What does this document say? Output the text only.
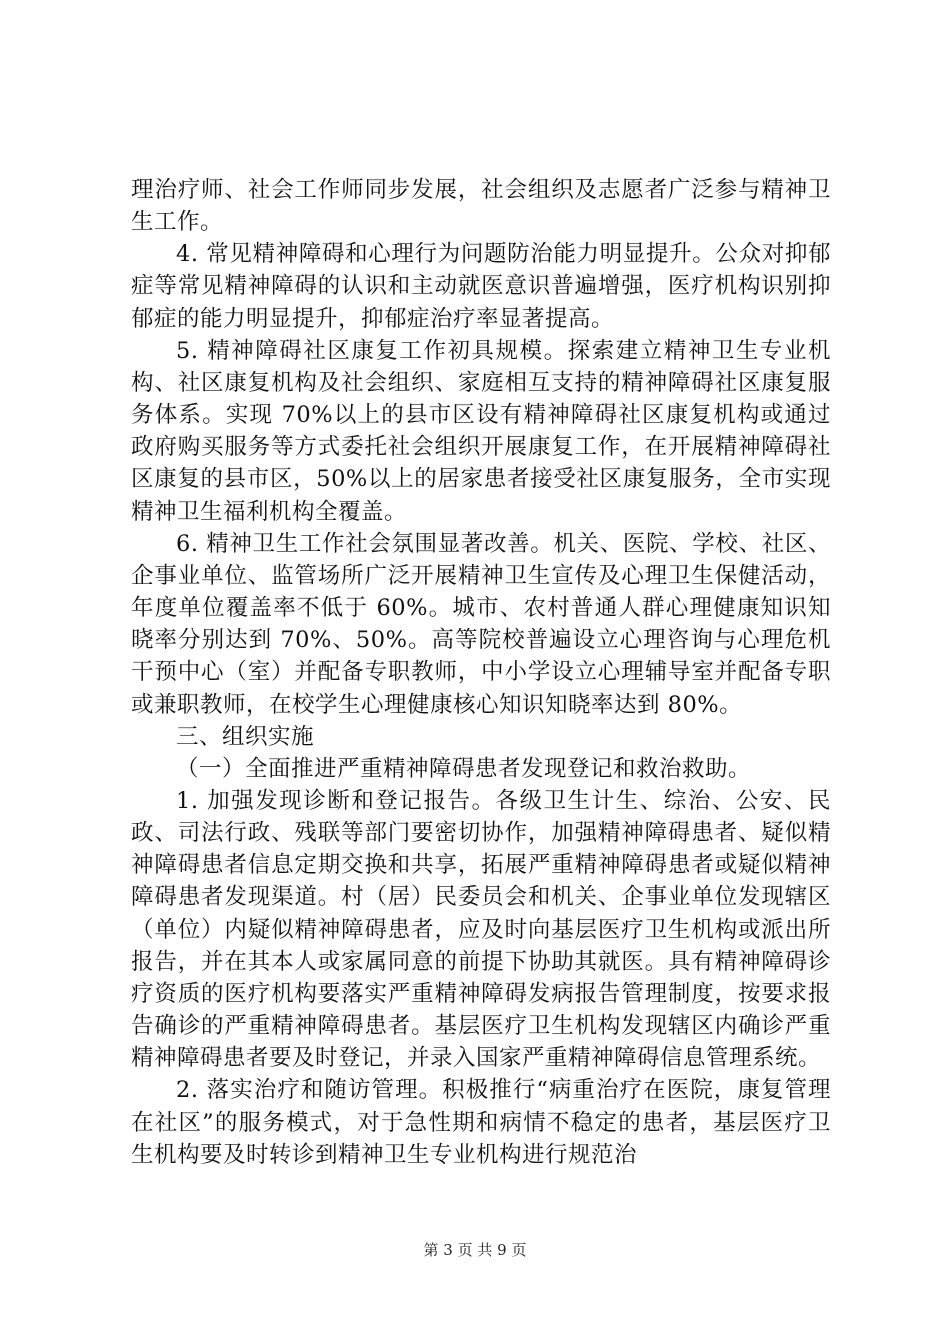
理治疗师、社会工作师同步发展，社会组织及志愿者广泛参与精神卫生工作。

4. 常见精神障碍和心理行为问题防治能力明显提升。公众对抑郁症等常见精神障碍的认识和主动就医意识普遍增强，医疗机构识别抑郁症的能力明显提升，抑郁症治疗率显著提高。

5. 精神障碍社区康复工作初具规模。探索建立精神卫生专业机构、社区康复机构及社会组织、家庭相互支持的精神障碍社区康复服务体系。实现 70%以上的县市区设有精神障碍社区康复机构或通过政府购买服务等方式委托社会组织开展康复工作，在开展精神障碍社区康复的县市区，50%以上的居家患者接受社区康复服务，全市实现精神卫生福利机构全覆盖。

6. 精神卫生工作社会氛围显著改善。机关、医院、学校、社区、企事业单位、监管场所广泛开展精神卫生宣传及心理卫生保健活动，年度单位覆盖率不低于 60%。城市、农村普通人群心理健康知识知晓率分别达到 70%、50%。高等院校普遍设立心理咨询与心理危机干预中心（室）并配备专职教师，中小学设立心理辅导室并配备专职或兼职教师，在校学生心理健康核心知识知晓率达到 80%。

三、组织实施

（一）全面推进严重精神障碍患者发现登记和救治救助。

1. 加强发现诊断和登记报告。各级卫生计生、综治、公安、民政、司法行政、残联等部门要密切协作，加强精神障碍患者、疑似精神障碍患者信息定期交换和共享，拓展严重精神障碍患者或疑似精神障碍患者发现渠道。村（居）民委员会和机关、企事业单位发现辖区（单位）内疑似精神障碍患者，应及时向基层医疗卫生机构或派出所报告，并在其本人或家属同意的前提下协助其就医。具有精神障碍诊疗资质的医疗机构要落实严重精神障碍发病报告管理制度，按要求报告确诊的严重精神障碍患者。基层医疗卫生机构发现辖区内确诊严重精神障碍患者要及时登记，并录入国家严重精神障碍信息管理系统。

2. 落实治疗和随访管理。积极推行“病重治疗在医院，康复管理在社区”的服务模式，对于急性期和病情不稳定的患者，基层医疗卫生机构要及时转诊到精神卫生专业机构进行规范治

第 3 页 共 9 页
